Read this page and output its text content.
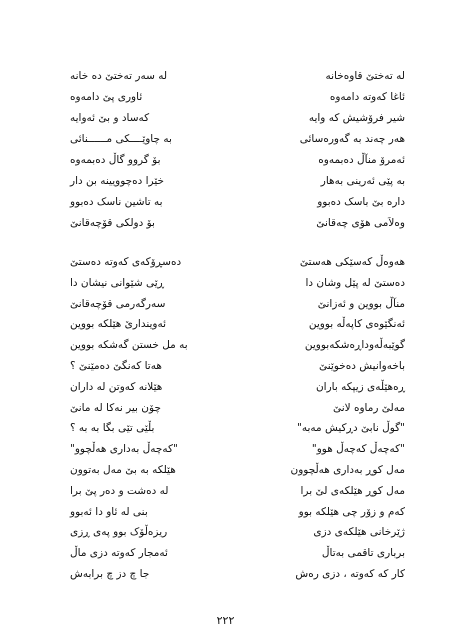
له تەختێ قاوەخانە
لە سەر تەختێ دە خانە
ئاغا کەوتە دامەوە
ئاوری پێ دامەوە
شیر فرۆشیش کە وایە
کەساد و بێ ئەوایە
هەر چەند بە گەورەسائی
بە چاوێــــکی مــــــنائی
ئەمرۆ منآڵ دەبمەوە
بۆ گروو گاڵ دەبمەوە
بە پێی ئەرینی بەهار
خێرا دەچوویینە بن دار
دارە بێ باسک دەبوو
بە تاشین ناسک دەبوو
وەلاَمی هۆی چەقانێ
بۆ دولکی قۆچەقانێ
هەوەڵ کەسێکی هەستێ
دەسڕۆکەی کەوتە دەستێ
دەستێ لە پێل وشان دا
ڕێی شێوانی نیشان دا
منآڵ بووین و ئەزانێ
سەرگەرمی قۆچەقانێ
ئەنگێوەی کاپەڵە بووین
ئەویندارێ هێلکە بووین
گوێبەڵەوداڕەشکەبووین
بە مل خستن گەشکە بووین
باخەوانیش دەخوێنێ
هەتا کەنگێ دەمێنێ ؟
ڕەهێڵەی زیپکە باران
هێلانە کەوتن لە داران
مەلێ رماوە لانێ
چۆن بیر نەکا لە مانێ
"گوڵ نابێ دڕکیش مەبە"
بڵێی تێی بگا بە بە ؟
"کەچەڵ کەچەڵ هوو"
"کەچەڵ بەداری هەڵچوو"
مەل کوڕ بەداری هەڵچوون
هێلکە بە بێ مەل بەتوون
مەل کوڕ هێلکەی لێ برا
لە دەشت و دەر پێ برا
کەم و زۆر چی هێلکە بوو
بنی لە ئاو دا ئەبوو
ژێرخانی هێلکەی دزی
ریزەڵۆک بوو پەی ڕزی
برباری تاقمی بەتاڵ
ئەمجار کەوتە دزی ماڵ
کار کە کەوتە ، دزی رەش
جا چ دز چ برابەش
٢٢٢
